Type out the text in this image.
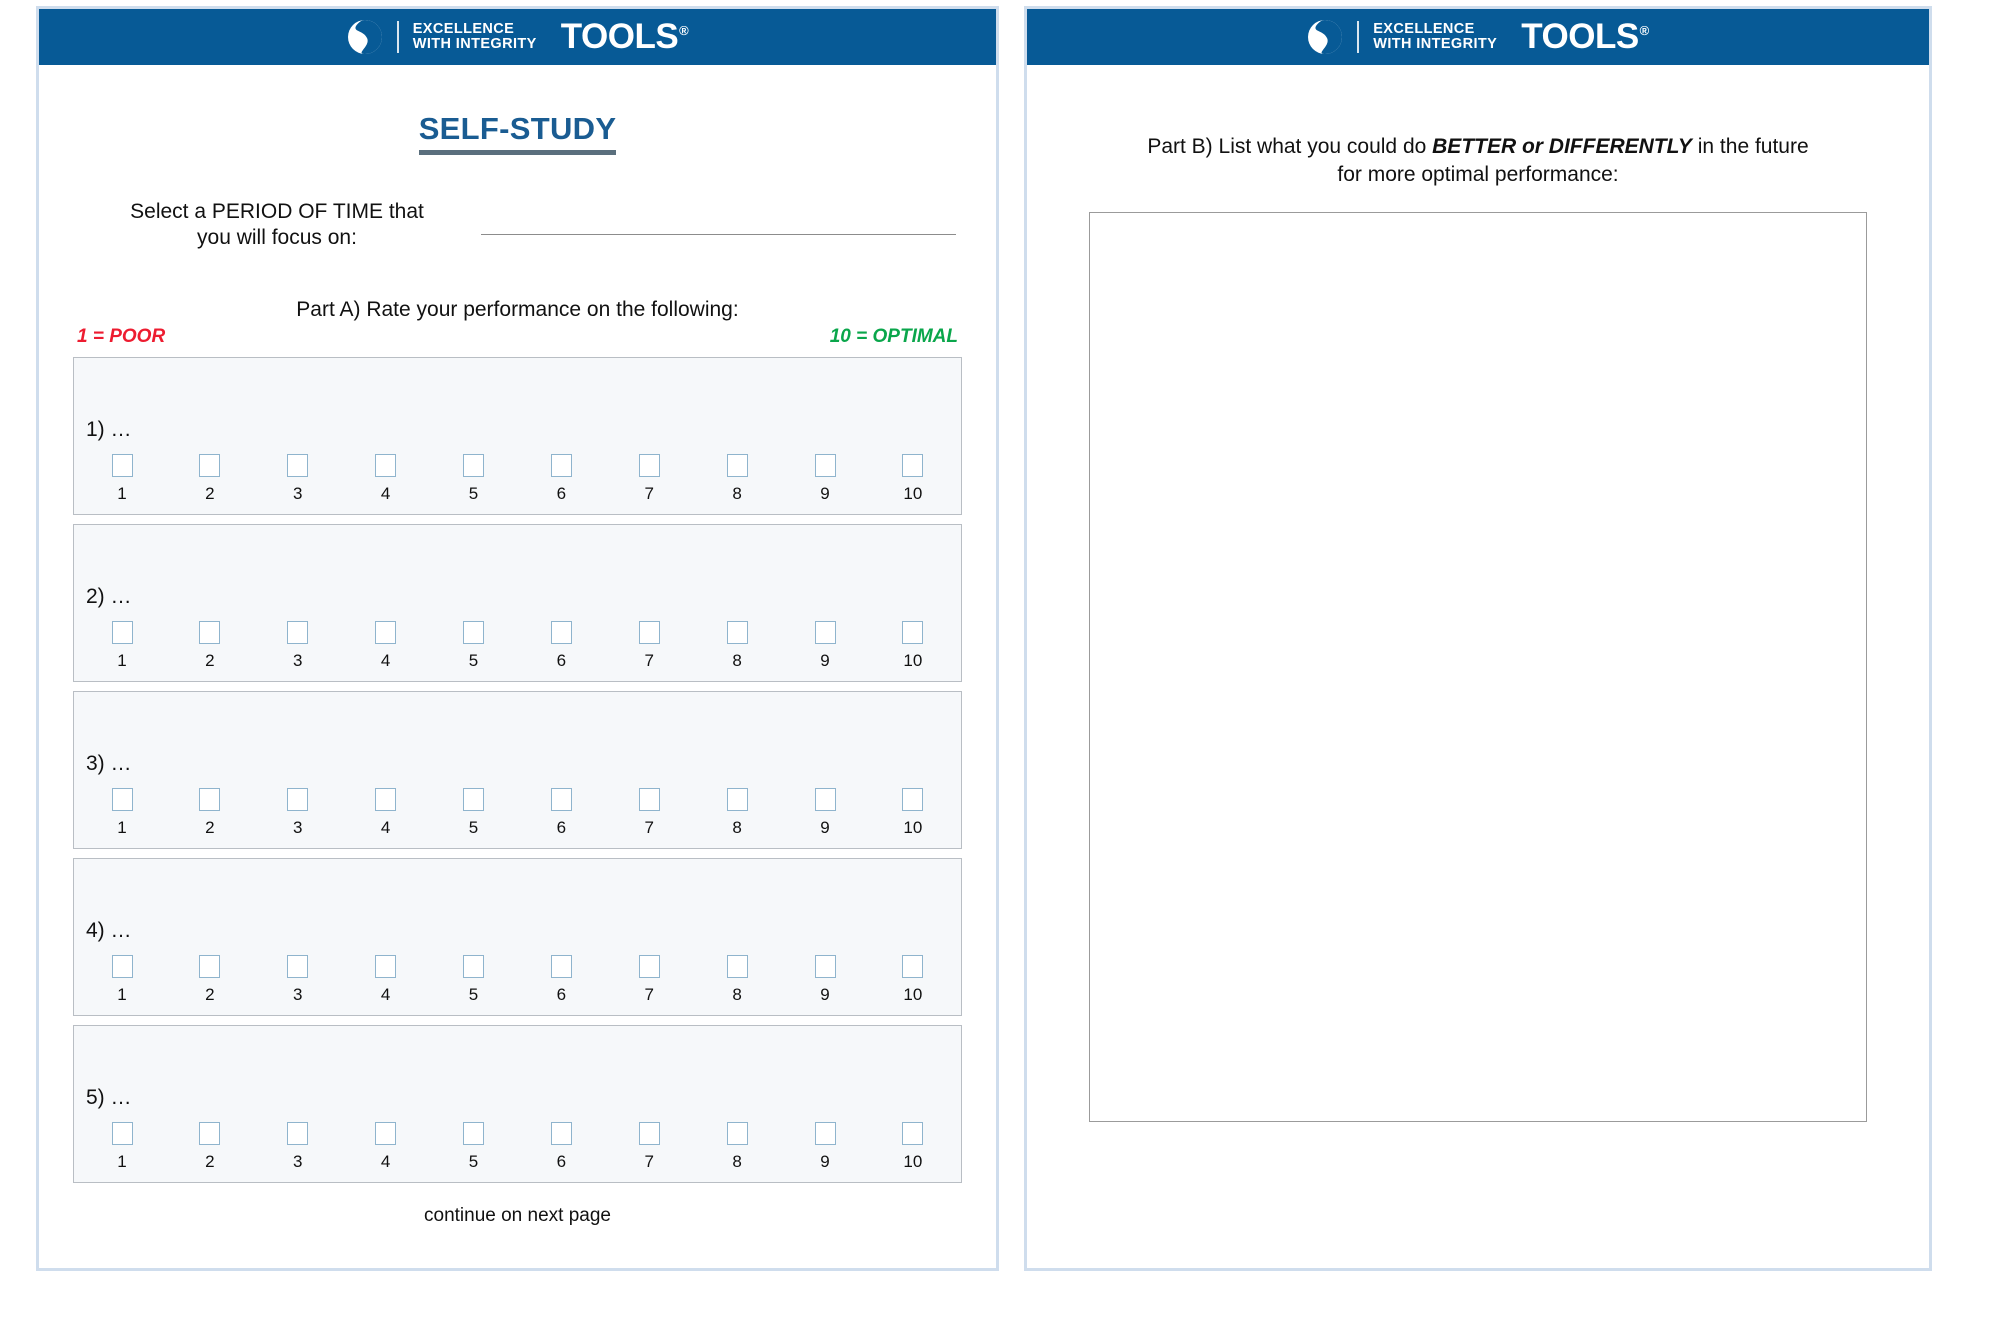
EXCELLENCE
WITH INTEGRITY TOOLS®
SELF-STUDY
Select a PERIOD OF TIME that
you will focus on:
Part A) Rate your performance on the following:
1 = POOR	10 = OPTIMAL
1) …
1	2	3	4	5	6	7	8	9	10
2) …
1	2	3	4	5	6	7	8	9	10
3) …
1	2	3	4	5	6	7	8	9	10
4) …
1	2	3	4	5	6	7	8	9	10
5) …
1	2	3	4	5	6	7	8	9	10
continue on next page
EXCELLENCE
WITH INTEGRITY TOOLS®
Part B) List what you could do BETTER or DIFFERENTLY in the future
for more optimal performance:
